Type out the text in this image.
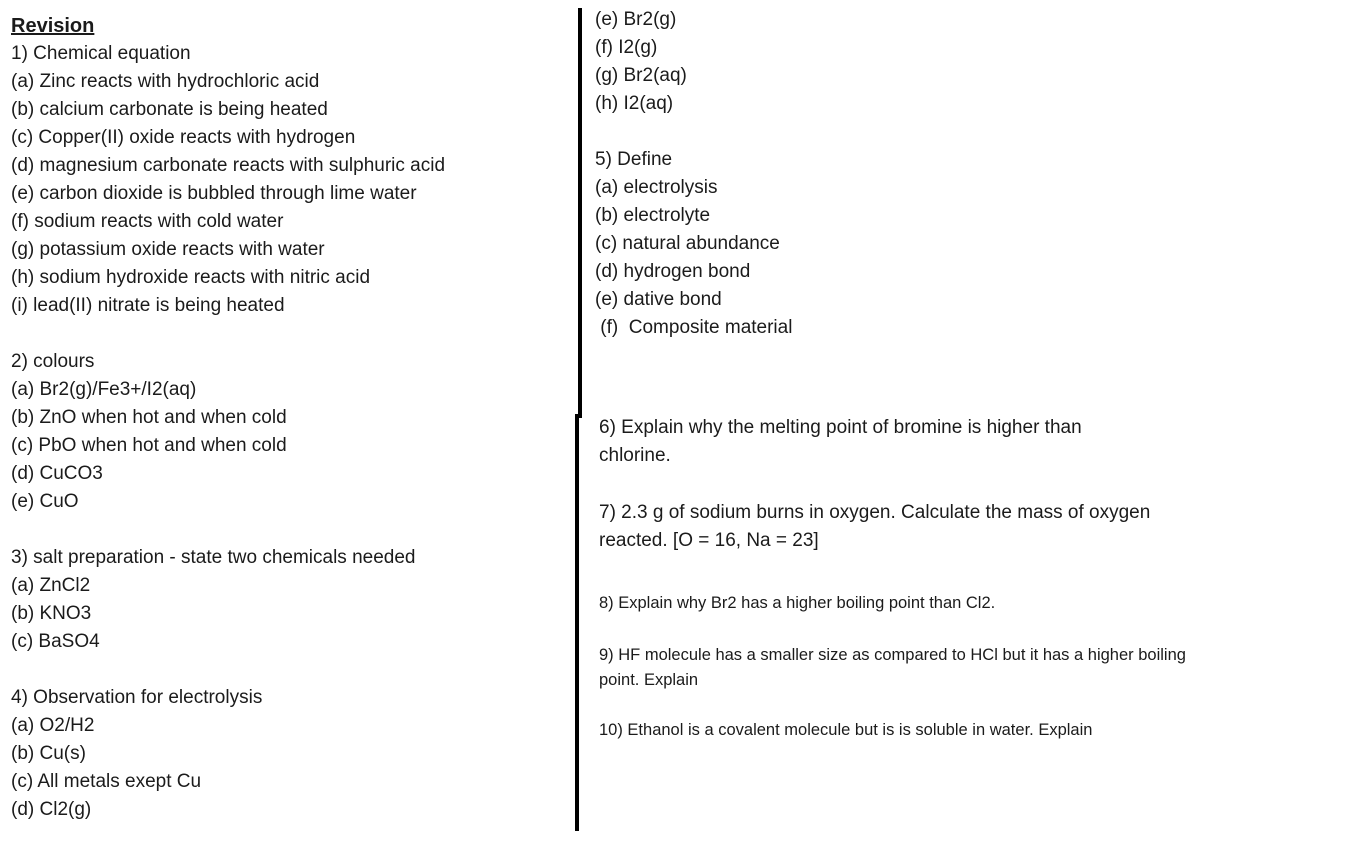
Revision
1) Chemical equation
(a) Zinc reacts with hydrochloric acid
(b) calcium carbonate is being heated
(c) Copper(II) oxide reacts with hydrogen
(d) magnesium carbonate reacts with sulphuric acid
(e) carbon dioxide is bubbled through lime water
(f) sodium reacts with cold water
(g) potassium oxide reacts with water
(h) sodium hydroxide reacts with nitric acid
(i) lead(II) nitrate is being heated
2) colours
(a) Br2(g)/Fe3+/I2(aq)
(b) ZnO when hot and when cold
(c) PbO when hot and when cold
(d) CuCO3
(e) CuO
3) salt preparation - state two chemicals needed
(a) ZnCl2
(b) KNO3
(c) BaSO4
4) Observation for electrolysis
(a) O2/H2
(b) Cu(s)
(c) All metals exept Cu
(d) Cl2(g)
(e) Br2(g)
(f) I2(g)
(g) Br2(aq)
(h) I2(aq)
5) Define
(a) electrolysis
(b) electrolyte
(c) natural abundance
(d) hydrogen bond
(e) dative bond
(f)  Composite material
6) Explain why the melting point of bromine is higher than
chlorine.
7) 2.3 g of sodium burns in oxygen. Calculate the mass of oxygen
reacted. [O = 16, Na = 23]
8) Explain why Br2 has a higher boiling point than Cl2.
9) HF molecule has a smaller size as compared to HCl but it has a higher boiling
point. Explain
10) Ethanol is a covalent molecule but is is soluble in water. Explain
